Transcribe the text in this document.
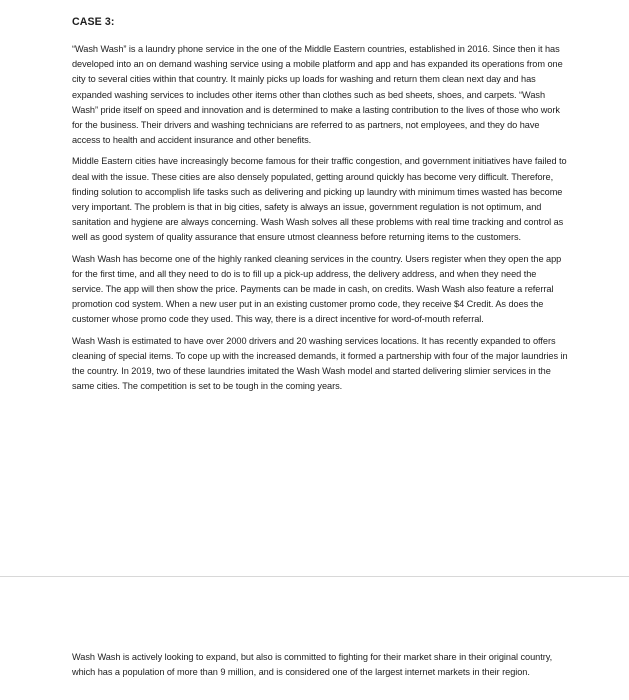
CASE 3:

“Wash Wash” is a laundry phone service in the one of the Middle Eastern countries, established in 2016. Since then it has developed into an on demand washing service using a mobile platform and app and has expanded its operations from one city to several cities within that country. It mainly picks up loads for washing and return them clean next day and has expanded washing services to includes other items other than clothes such as bed sheets, shoes, and carpets. “Wash Wash” pride itself on speed and innovation and is determined to make a lasting contribution to the lives of those who work for the business. Their drivers and washing technicians are referred to as partners, not employees, and they do have access to health and accident insurance and other benefits.

Middle Eastern cities have increasingly become famous for their traffic congestion, and government initiatives have failed to deal with the issue. These cities are also densely populated, getting around quickly has become very difficult. Therefore, finding solution to accomplish life tasks such as delivering and picking up laundry with minimum times wasted has become very important. The problem is that in big cities, safety is always an issue, government regulation is not optimum, and sanitation and hygiene are always concerning. Wash Wash solves all these problems with real time tracking and control as well as good system of quality assurance that ensure utmost cleanness before returning items to the customers.

Wash Wash has become one of the highly ranked cleaning services in the country. Users register when they open the app for the first time, and all they need to do is to fill up a pick-up address, the delivery address, and when they need the service. The app will then show the price. Payments can be made in cash, on credits. Wash Wash also feature a referral promotion cod system. When a new user put in an existing customer promo code, they receive $4 Credit. As does the customer whose promo code they used. This way, there is a direct incentive for word-of-mouth referral.

Wash Wash is estimated to have over 2000 drivers and 20 washing services locations. It has recently expanded to offers cleaning of special items. To cope up with the increased demands, it formed a partnership with four of the major laundries in the country. In 2019, two of these laundries imitated the Wash Wash model and started delivering slimier services in the same cities. The competition is set to be tough in the coming years.

Wash Wash is actively looking to expand, but also is committed to fighting for their market share in their original country, which has a population of more than 9 million, and is considered one of the largest internet markets in their region.
